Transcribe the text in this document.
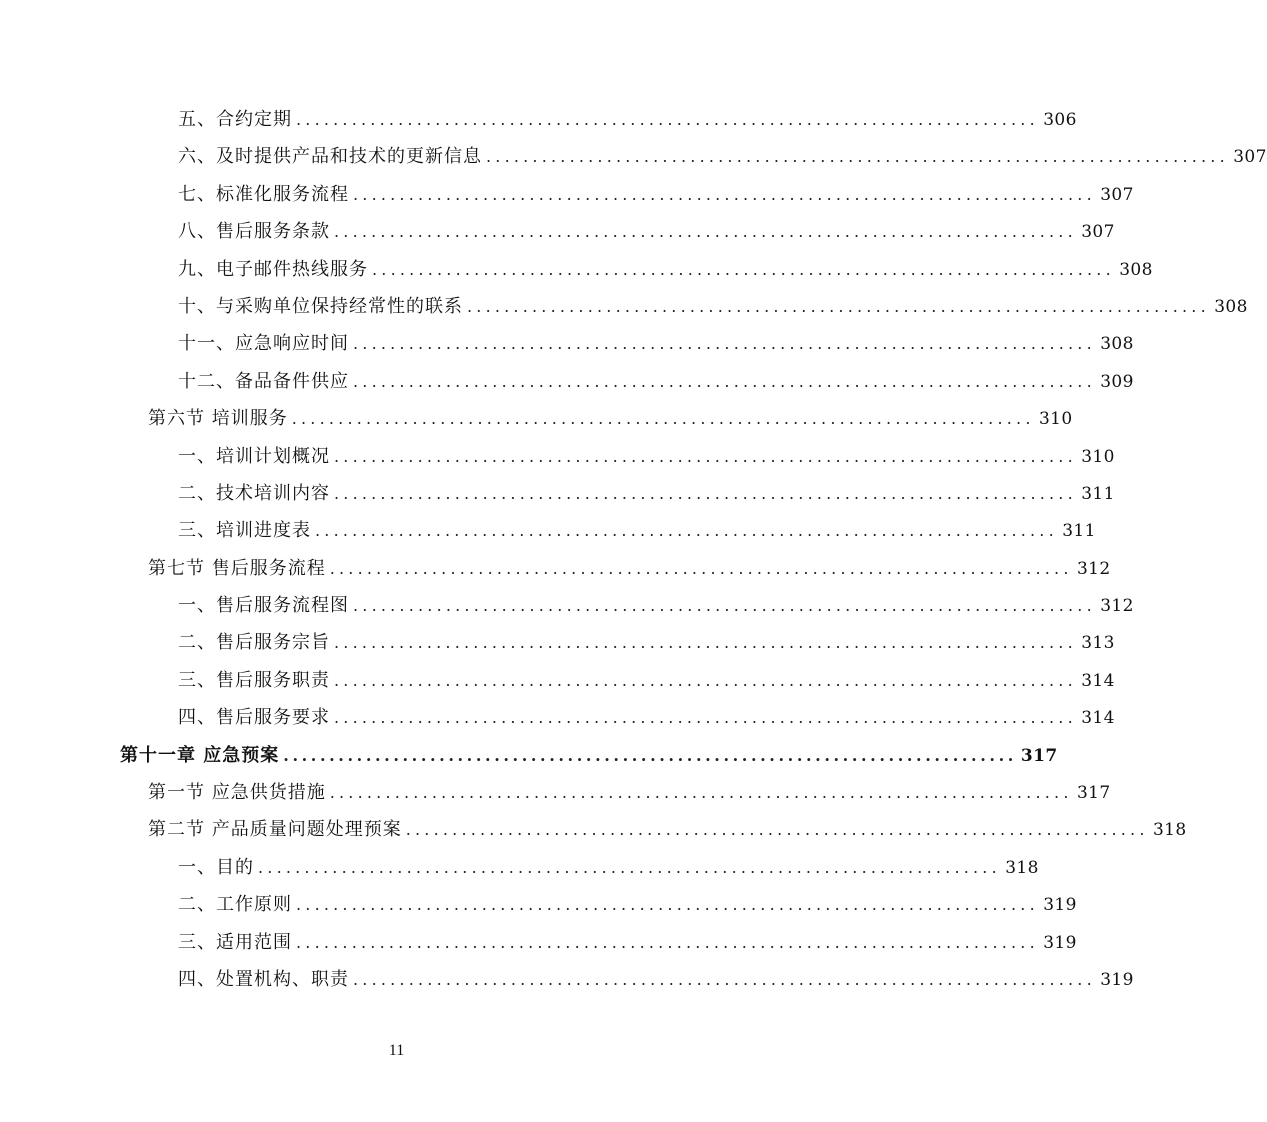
五、合约定期 ................................................................................ 306
六、及时提供产品和技术的更新信息 ................................................................................ 307
七、标准化服务流程 ................................................................................ 307
八、售后服务条款 ................................................................................ 307
九、电子邮件热线服务 ................................................................................ 308
十、与采购单位保持经常性的联系 ................................................................................ 308
十一、应急响应时间 ................................................................................ 308
十二、备品备件供应 ................................................................................ 309
第六节 培训服务 ................................................................................ 310
一、培训计划概况 ................................................................................ 310
二、技术培训内容 ................................................................................ 311
三、培训进度表 ................................................................................ 311
第七节 售后服务流程 ................................................................................ 312
一、售后服务流程图 ................................................................................ 312
二、售后服务宗旨 ................................................................................ 313
三、售后服务职责 ................................................................................ 314
四、售后服务要求 ................................................................................ 314
第十一章 应急预案 ................................................................................ 317
第一节 应急供货措施 ................................................................................ 317
第二节 产品质量问题处理预案 ................................................................................ 318
一、目的 ................................................................................ 318
二、工作原则 ................................................................................ 319
三、适用范围 ................................................................................ 319
四、处置机构、职责 ................................................................................ 319
11
